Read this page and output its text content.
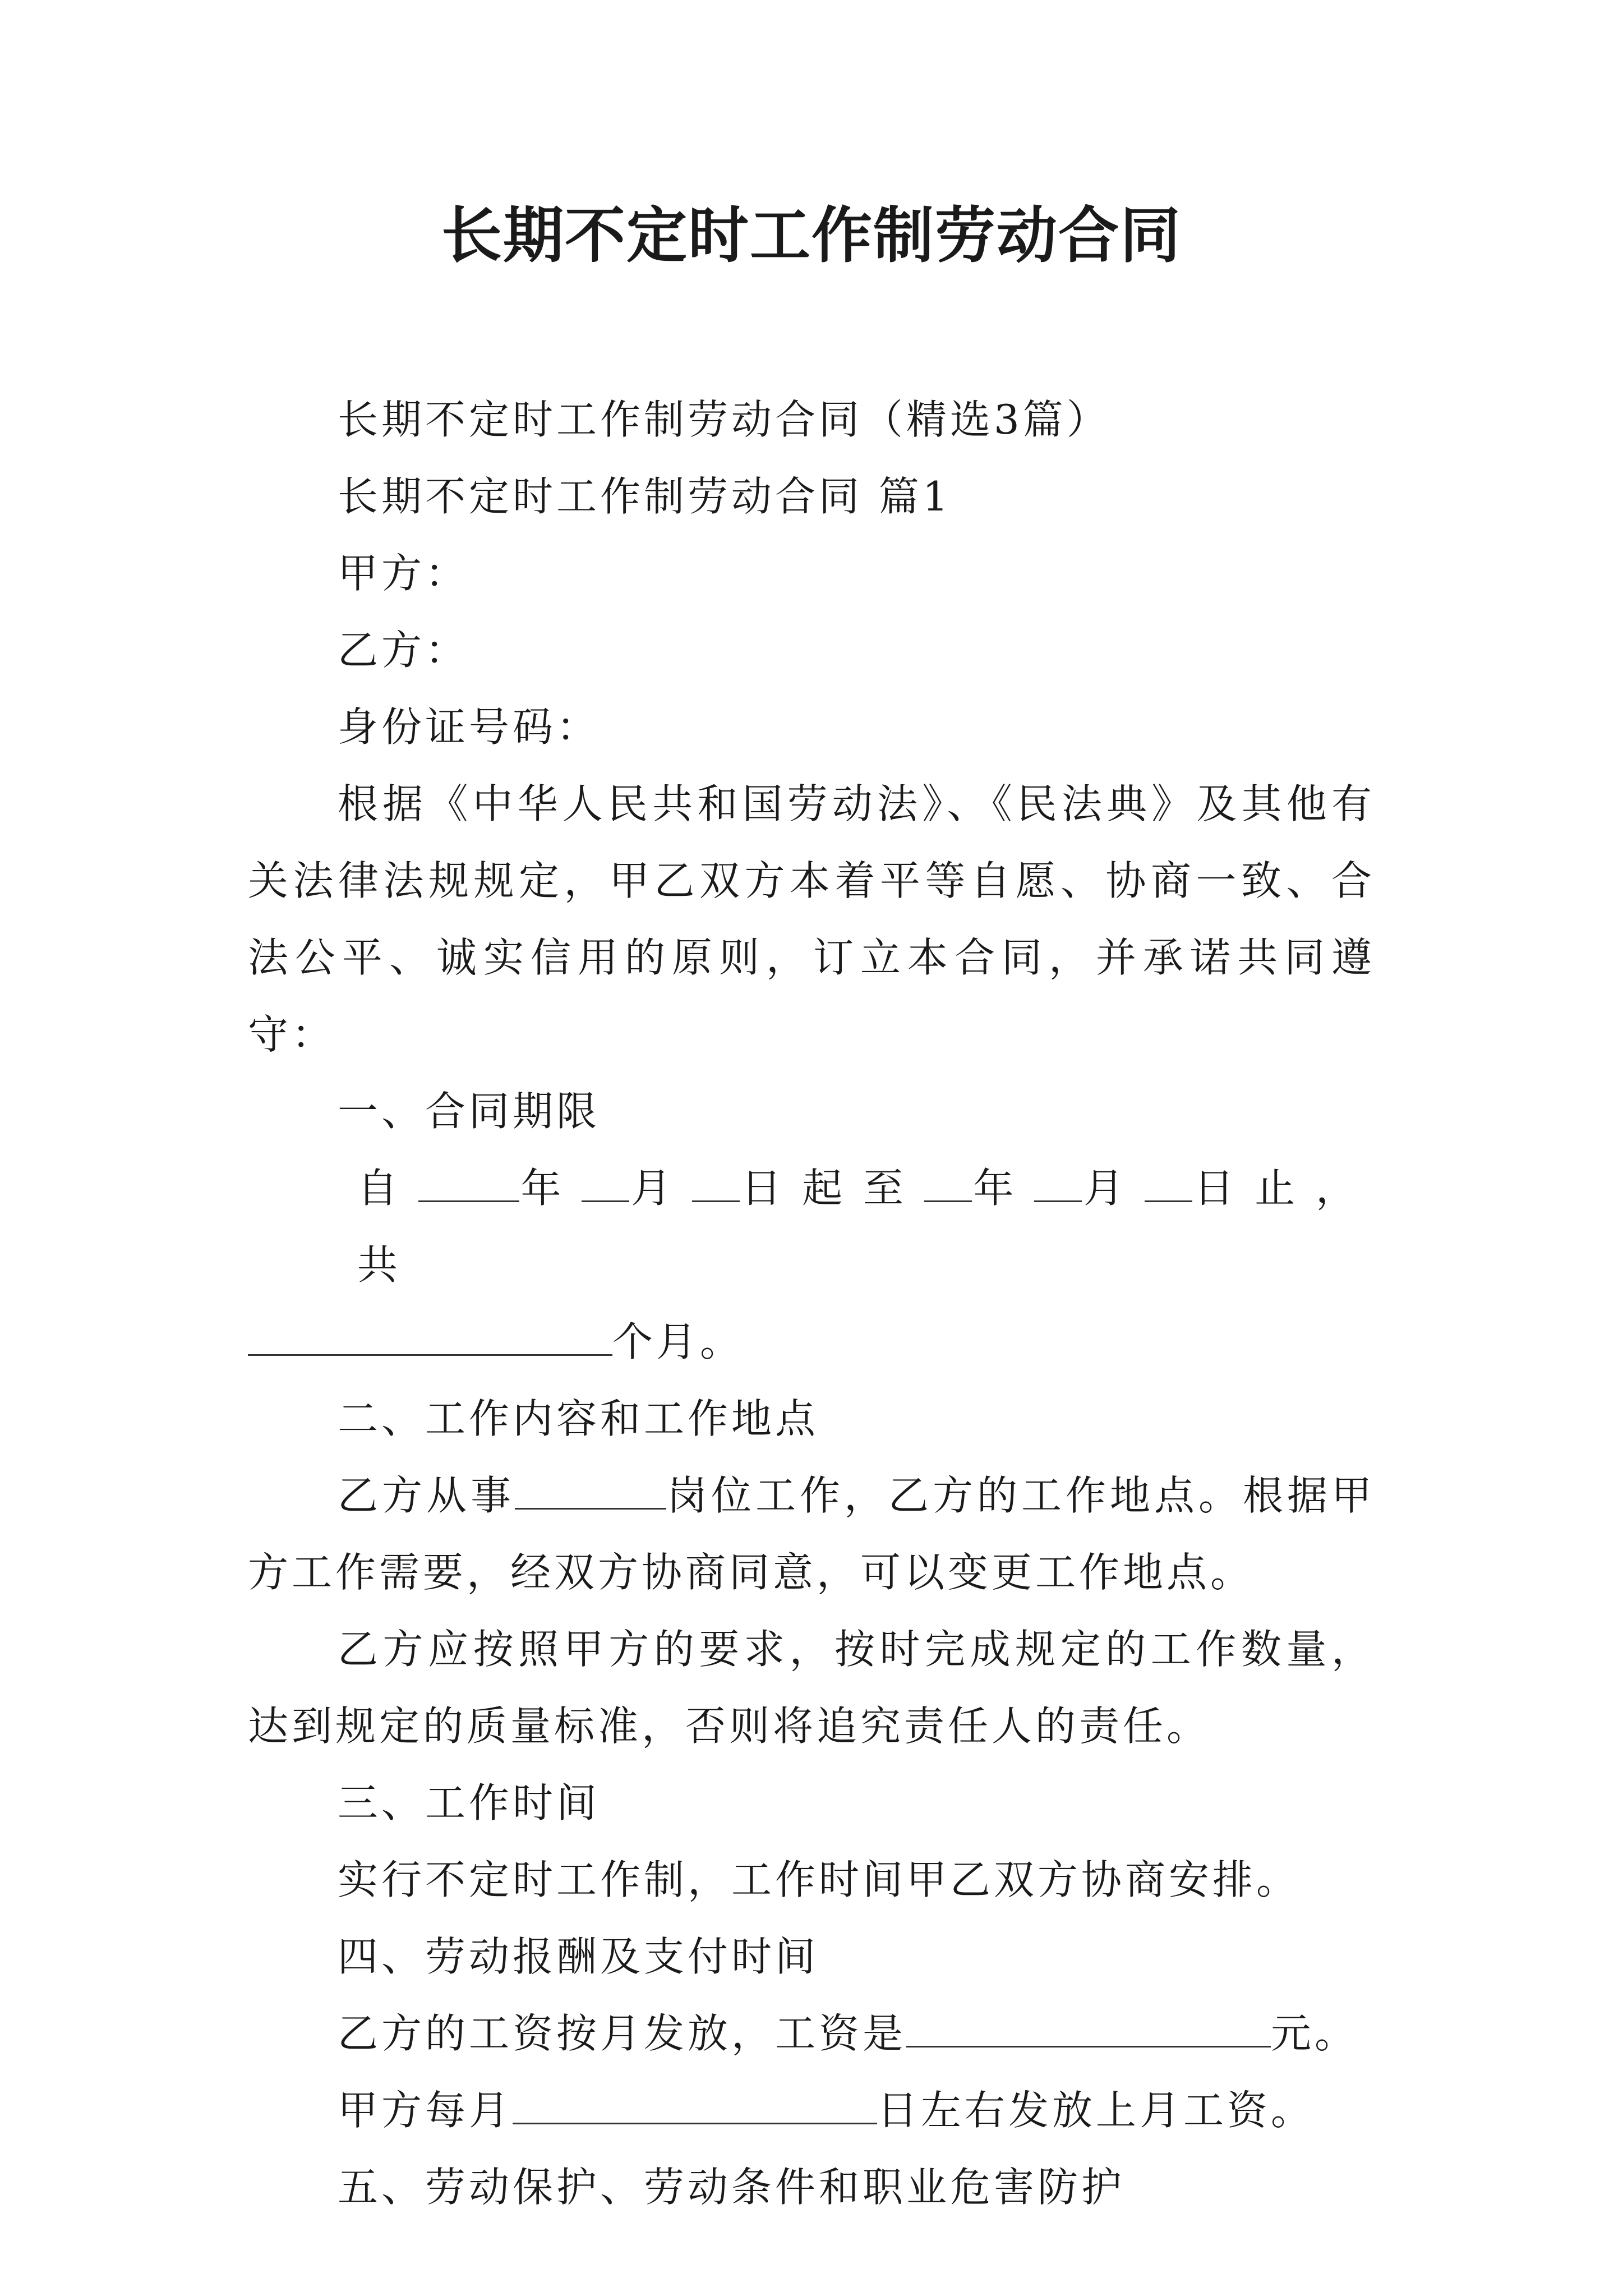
长期不定时工作制劳动合同

长期不定时工作制劳动合同（精选3篇）

长期不定时工作制劳动合同 篇1

甲方：

乙方：

身份证号码：

根据《中华人民共和国劳动法》、《民法典》及其他有关法律法规规定，甲乙双方本着平等自愿、协商一致、合法公平、诚实信用的原则，订立本合同，并承诺共同遵守：

一、合同期限

自	年 月 日起至 年 月 日止，共

个月。

二、工作内容和工作地点

乙方从事	岗位工作，乙方的工作地点。根据甲方工作需要，经双方协商同意，可以变更工作地点。

乙方应按照甲方的要求，按时完成规定的工作数量，达到规定的质量标准，否则将追究责任人的责任。

三、工作时间

实行不定时工作制，工作时间甲乙双方协商安排。

四、劳动报酬及支付时间

乙方的工资按月发放，工资是	元。

甲方每月	日左右发放上月工资。

五、劳动保护、劳动条件和职业危害防护
